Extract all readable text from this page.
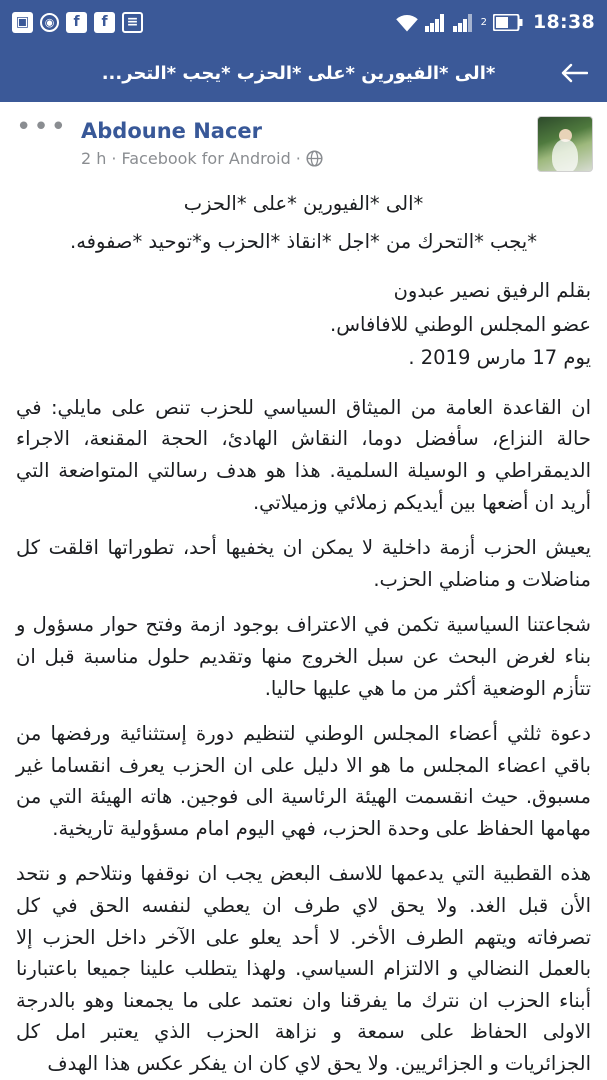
▣	◉	f	f	≡	2 18:38
*الى *الفيورين *على *الحزب *يجب *التحر...
Abdoune Nacer
2 h · Facebook for Android ·
•••

*الى *الفيورين *على *الحزب

*يجب *التحرك من *اجل *انقاذ *الحزب و*توحيد *صفوفه.

بقلم الرفيق نصير عبدون

عضو المجلس الوطني للافافاس.

يوم 17 مارس 2019 .

ان القاعدة العامة من الميثاق السياسي للحزب تنص على مايلي: في حالة النزاع، سأفضل دوما، النقاش الهادئ، الحجة المقنعة، الاجراء الديمقراطي و الوسيلة السلمية. هذا هو هدف رسالتي المتواضعة التي أريد ان أضعها بين أيديكم زملائي وزميلاتي.

يعيش الحزب أزمة داخلية لا يمكن ان يخفيها أحد، تطوراتها اقلقت كل مناضلات و مناضلي الحزب.

شجاعتنا السياسية تكمن في الاعتراف بوجود ازمة وفتح حوار مسؤول و بناء لغرض البحث عن سبل الخروج منها وتقديم حلول مناسبة قبل ان تتأزم الوضعية أكثر من ما هي عليها حاليا.

دعوة ثلثي أعضاء المجلس الوطني لتنظيم دورة إستثنائية ورفضها من باقي اعضاء المجلس ما هو الا دليل على ان الحزب يعرف انقساما غير مسبوق. حيث انقسمت الهيئة الرئاسية الى فوجين. هاته الهيئة التي من مهامها الحفاظ على وحدة الحزب، فهي اليوم امام مسؤولية تاريخية.

هذه القطبية التي يدعمها للاسف البعض يجب ان نوقفها ونتلاحم و نتحد الأن قبل الغد. ولا يحق لاي طرف ان يعطي لنفسه الحق في كل تصرفاته ويتهم الطرف الأخر. لا أحد يعلو على الآخر داخل الحزب إلا بالعمل النضالي و الالتزام السياسي. ولهذا يتطلب علينا جميعا باعتبارنا أبناء الحزب ان نترك ما يفرقنا وان نعتمد على ما يجمعنا وهو بالدرجة الاولى الحفاظ على سمعة و نزاهة الحزب الذي يعتبر امل كل الجزائريات و الجزائريين. ولا يحق لاي كان ان يفكر عكس هذا الهدف
